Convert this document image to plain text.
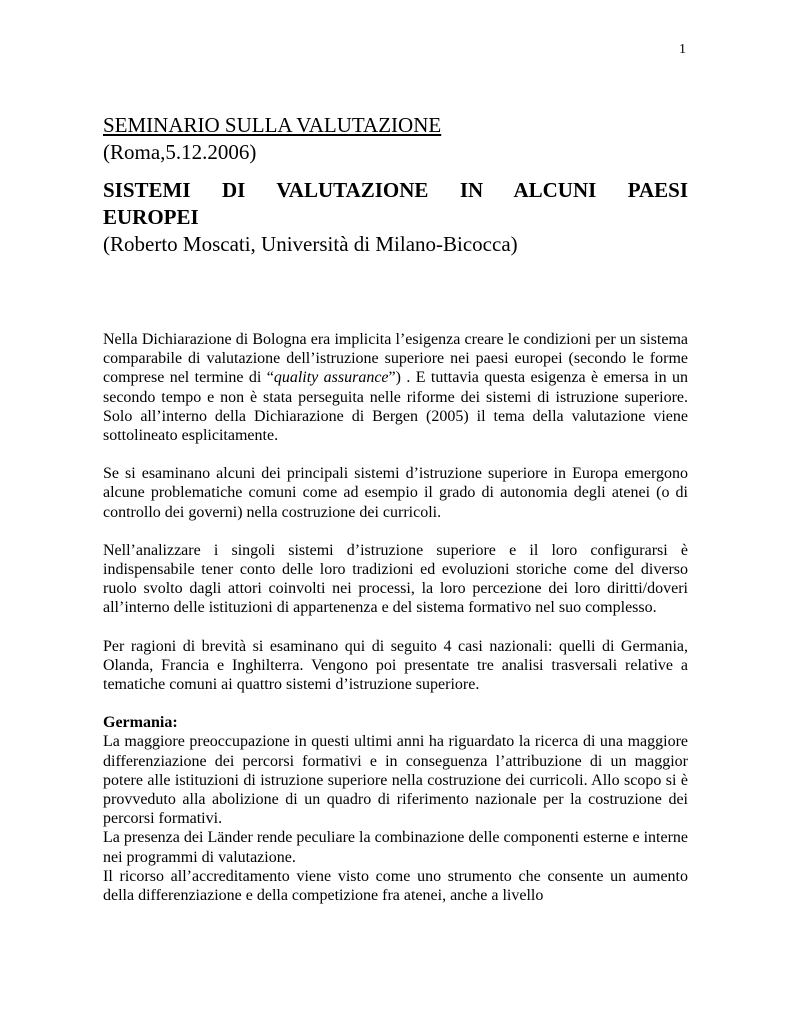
1
SEMINARIO SULLA VALUTAZIONE
(Roma,5.12.2006)
SISTEMI DI VALUTAZIONE IN ALCUNI PAESI
EUROPEI
(Roberto Moscati, Università di Milano-Bicocca)

Nella Dichiarazione di Bologna era implicita l’esigenza creare le condizioni per un sistema comparabile di valutazione dell’istruzione superiore nei paesi europei (secondo le forme comprese nel termine di “quality assurance”) . E tuttavia questa esigenza è emersa in un secondo tempo e non è stata perseguita nelle riforme dei sistemi di istruzione superiore. Solo all’interno della Dichiarazione di Bergen (2005) il tema della valutazione viene sottolineato esplicitamente.

Se si esaminano alcuni dei principali sistemi d’istruzione superiore in Europa emergono alcune problematiche comuni come ad esempio il grado di autonomia degli atenei (o di controllo dei governi) nella costruzione dei curricoli.

Nell’analizzare i singoli sistemi d’istruzione superiore e il loro configurarsi è indispensabile tener conto delle loro tradizioni ed evoluzioni storiche come del diverso ruolo svolto dagli attori coinvolti nei processi, la loro percezione dei loro diritti/doveri all’interno delle istituzioni di appartenenza e del sistema formativo nel suo complesso.

Per ragioni di brevità si esaminano qui di seguito 4 casi nazionali: quelli di Germania, Olanda, Francia e Inghilterra. Vengono poi presentate tre analisi trasversali relative a tematiche comuni ai quattro sistemi d’istruzione superiore.

Germania:

La maggiore preoccupazione in questi ultimi anni ha riguardato la ricerca di una maggiore differenziazione dei percorsi formativi e in conseguenza l’attribuzione di un maggior potere alle istituzioni di istruzione superiore nella costruzione dei curricoli. Allo scopo si è provveduto alla abolizione di un quadro di riferimento nazionale per la costruzione dei percorsi formativi.

La presenza dei Länder rende peculiare la combinazione delle componenti esterne e interne nei programmi di valutazione.

Il ricorso all’accreditamento viene visto come uno strumento che consente un aumento della differenziazione e della competizione fra atenei, anche a livello
